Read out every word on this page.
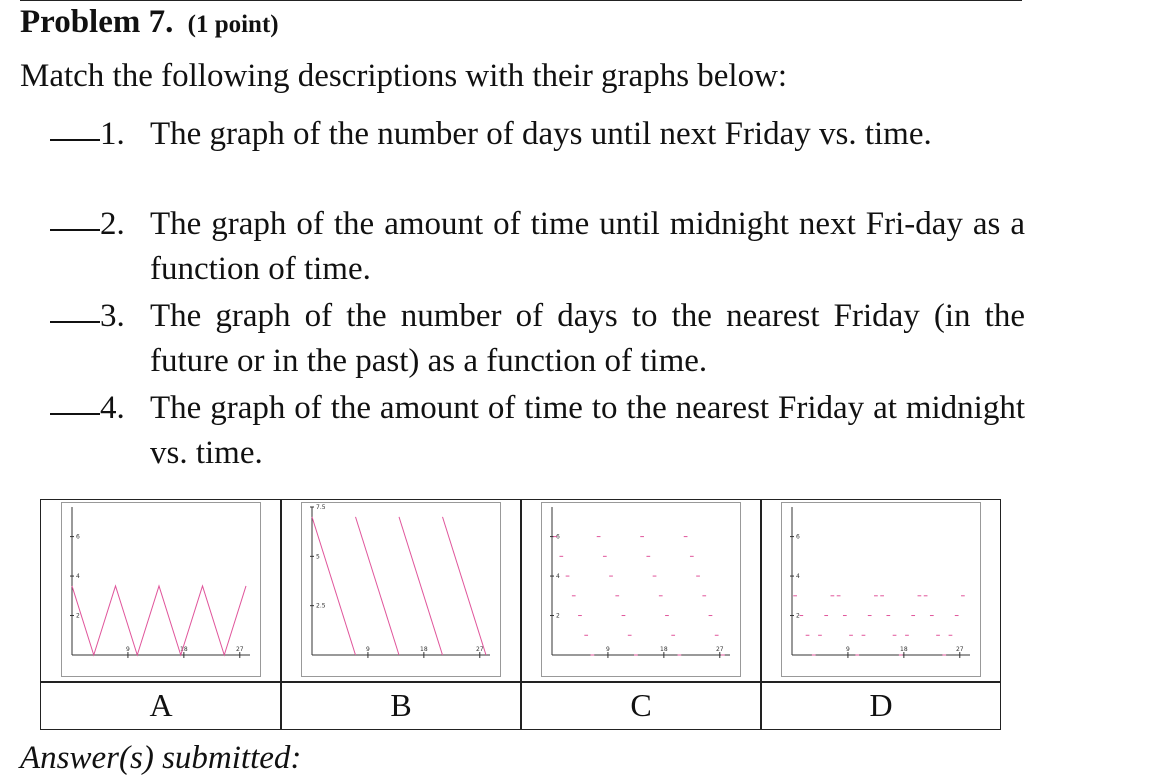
Problem 7. (1 point)
Match the following descriptions with their graphs below:
1. The graph of the number of days until next Friday vs. time.
2. The graph of the amount of time until midnight next Fri-day as a function of time.
3. The graph of the number of days to the nearest Friday (in the future or in the past) as a function of time.
4. The graph of the amount of time to the nearest Friday at midnight vs. time.
9	18	27
2
4
6
9	18	27
2.5
5
7.5
9	18	27
2
4
6
9	18	27
2
4
6
A	B	C	D
Answer(s) submitted:
